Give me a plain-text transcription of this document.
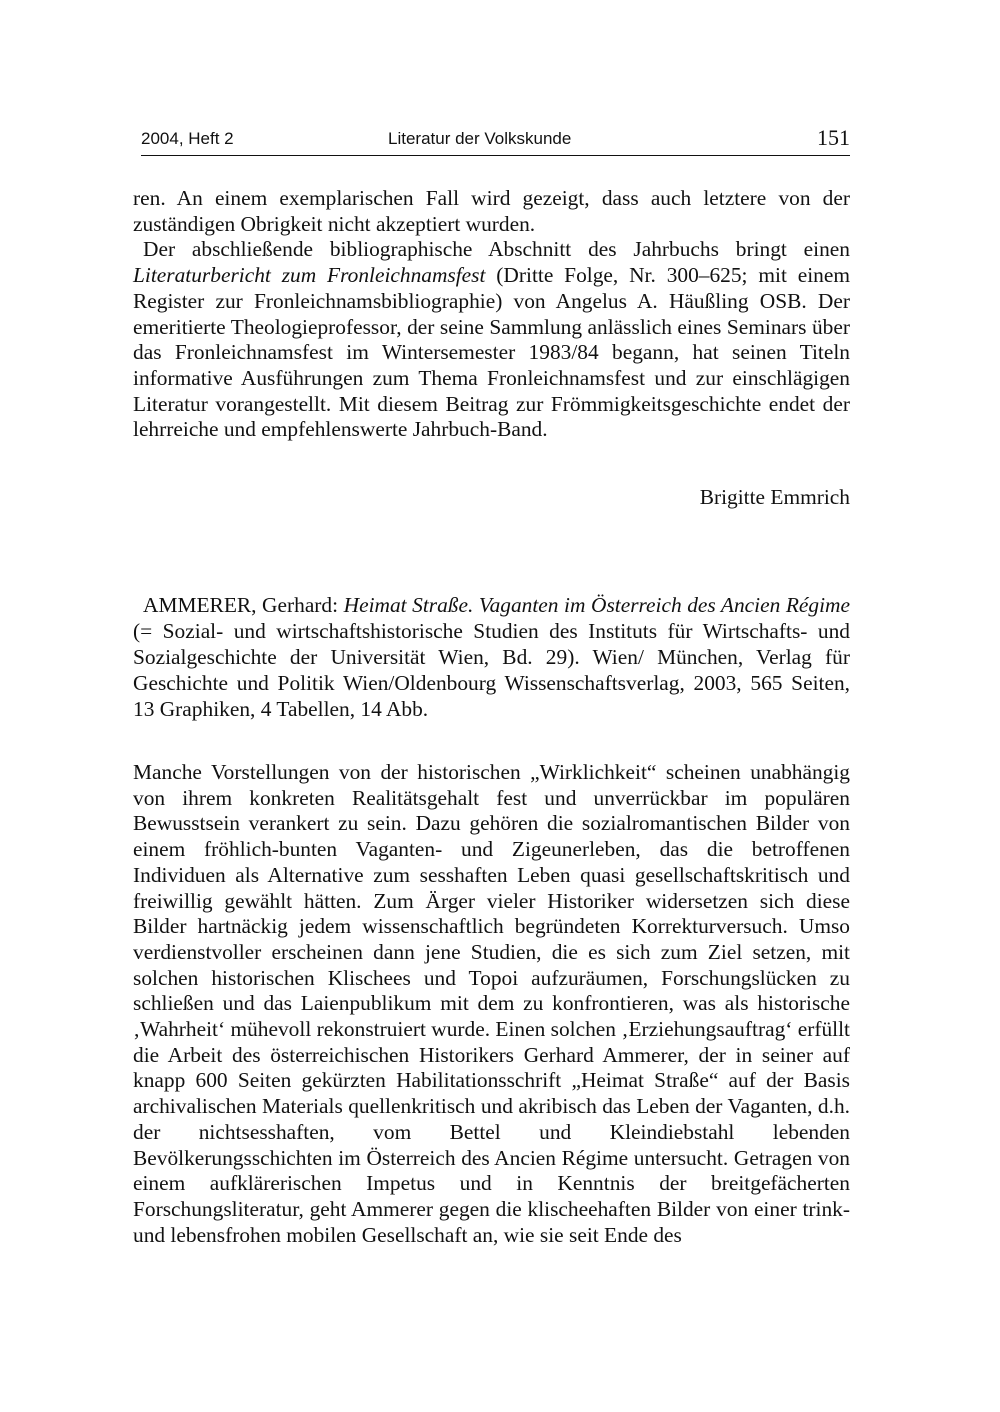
2004, Heft 2	Literatur der Volkskunde	151

ren. An einem exemplarischen Fall wird gezeigt, dass auch letztere von der zuständigen Obrigkeit nicht akzeptiert wurden.

Der abschließende bibliographische Abschnitt des Jahrbuchs bringt einen Literaturbericht zum Fronleichnamsfest (Dritte Folge, Nr. 300–625; mit einem Register zur Fronleichnamsbibliographie) von Angelus A. Häußling OSB. Der emeritierte Theologieprofessor, der seine Sammlung anlässlich eines Seminars über das Fronleichnamsfest im Wintersemester 1983/84 begann, hat seinen Titeln informative Ausführungen zum Thema Fronleichnamsfest und zur einschlägigen Literatur vorangestellt. Mit diesem Beitrag zur Frömmigkeitsgeschichte endet der lehrreiche und empfehlenswerte Jahrbuch-Band.

Brigitte Emmrich

AMMERER, Gerhard: Heimat Straße. Vaganten im Österreich des Ancien Régime (= Sozial- und wirtschaftshistorische Studien des Instituts für Wirtschafts- und Sozialgeschichte der Universität Wien, Bd. 29). Wien/ München, Verlag für Geschichte und Politik Wien/Oldenbourg Wissenschaftsverlag, 2003, 565 Seiten, 13 Graphiken, 4 Tabellen, 14 Abb.

Manche Vorstellungen von der historischen „Wirklichkeit“ scheinen unabhängig von ihrem konkreten Realitätsgehalt fest und unverrückbar im populären Bewusstsein verankert zu sein. Dazu gehören die sozialromantischen Bilder von einem fröhlich-bunten Vaganten- und Zigeunerleben, das die betroffenen Individuen als Alternative zum sesshaften Leben quasi gesellschaftskritisch und freiwillig gewählt hätten. Zum Ärger vieler Historiker widersetzen sich diese Bilder hartnäckig jedem wissenschaftlich begründeten Korrekturversuch. Umso verdienstvoller erscheinen dann jene Studien, die es sich zum Ziel setzen, mit solchen historischen Klischees und Topoi aufzuräumen, Forschungslücken zu schließen und das Laienpublikum mit dem zu konfrontieren, was als historische ‚Wahrheit‘ mühevoll rekonstruiert wurde. Einen solchen ‚Erziehungsauftrag‘ erfüllt die Arbeit des österreichischen Historikers Gerhard Ammerer, der in seiner auf knapp 600 Seiten gekürzten Habilitationsschrift „Heimat Straße“ auf der Basis archivalischen Materials quellenkritisch und akribisch das Leben der Vaganten, d.h. der nichtsesshaften, vom Bettel und Kleindiebstahl lebenden Bevölkerungsschichten im Österreich des Ancien Régime untersucht. Getragen von einem aufklärerischen Impetus und in Kenntnis der breitgefächerten Forschungsliteratur, geht Ammerer gegen die klischeehaften Bilder von einer trink- und lebensfrohen mobilen Gesellschaft an, wie sie seit Ende des
